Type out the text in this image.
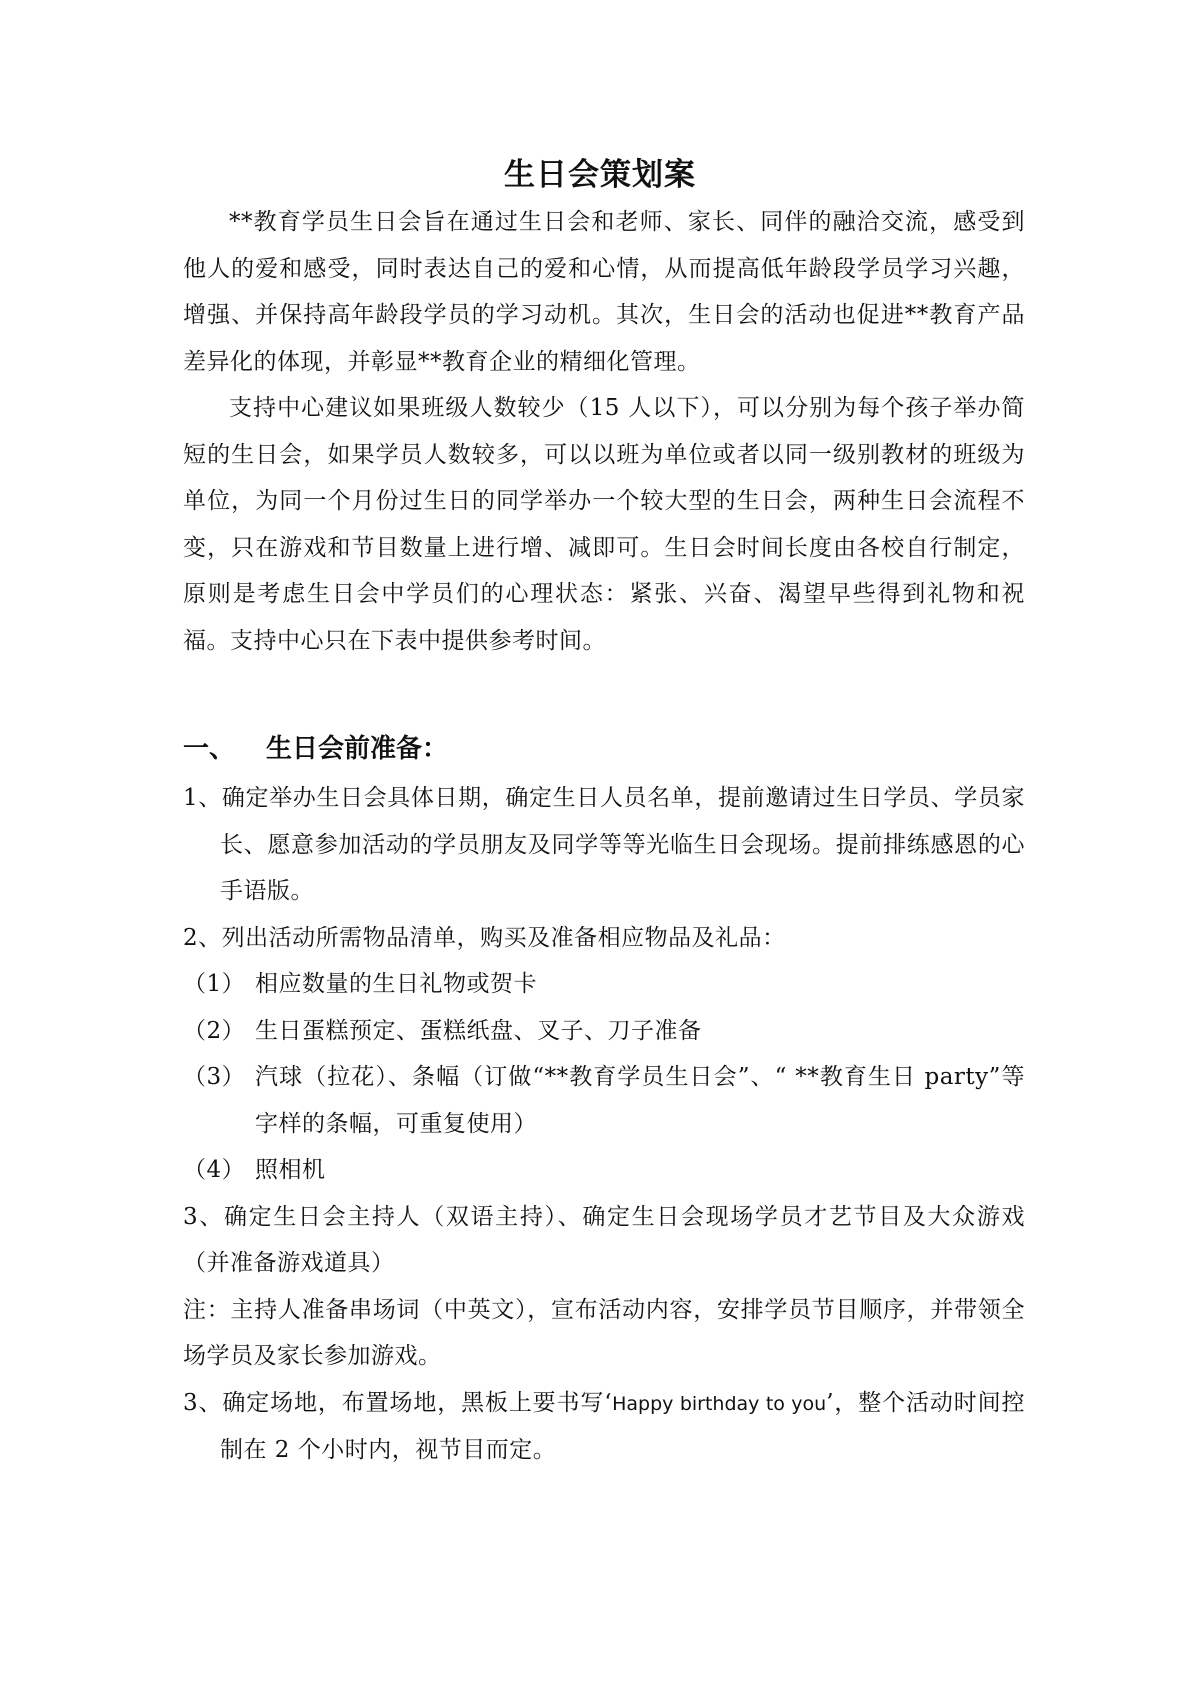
生日会策划案

**教育学员生日会旨在通过生日会和老师、家长、同伴的融洽交流，感受到他人的爱和感受，同时表达自己的爱和心情，从而提高低年龄段学员学习兴趣，增强、并保持高年龄段学员的学习动机。其次，生日会的活动也促进**教育产品差异化的体现，并彰显**教育企业的精细化管理。

支持中心建议如果班级人数较少（15 人以下），可以分别为每个孩子举办简短的生日会，如果学员人数较多，可以以班为单位或者以同一级别教材的班级为单位，为同一个月份过生日的同学举办一个较大型的生日会，两种生日会流程不变，只在游戏和节目数量上进行增、减即可。生日会时间长度由各校自行制定，原则是考虑生日会中学员们的心理状态：紧张、兴奋、渴望早些得到礼物和祝福。支持中心只在下表中提供参考时间。

一、 生日会前准备：

1、确定举办生日会具体日期，确定生日人员名单，提前邀请过生日学员、学员家长、愿意参加活动的学员朋友及同学等等光临生日会现场。提前排练感恩的心手语版。

2、列出活动所需物品清单，购买及准备相应物品及礼品：

（1） 相应数量的生日礼物或贺卡
（2） 生日蛋糕预定、蛋糕纸盘、叉子、刀子准备
（3） 汽球（拉花）、条幅（订做“**教育学员生日会”、“ **教育生日 party”等字样的条幅，可重复使用）
（4） 照相机

3、确定生日会主持人（双语主持）、确定生日会现场学员才艺节目及大众游戏（并准备游戏道具）

注：主持人准备串场词（中英文），宣布活动内容，安排学员节目顺序，并带领全场学员及家长参加游戏。

3、确定场地，布置场地，黑板上要书写‘Happy birthday to you’，整个活动时间控制在 2 个小时内，视节目而定。
